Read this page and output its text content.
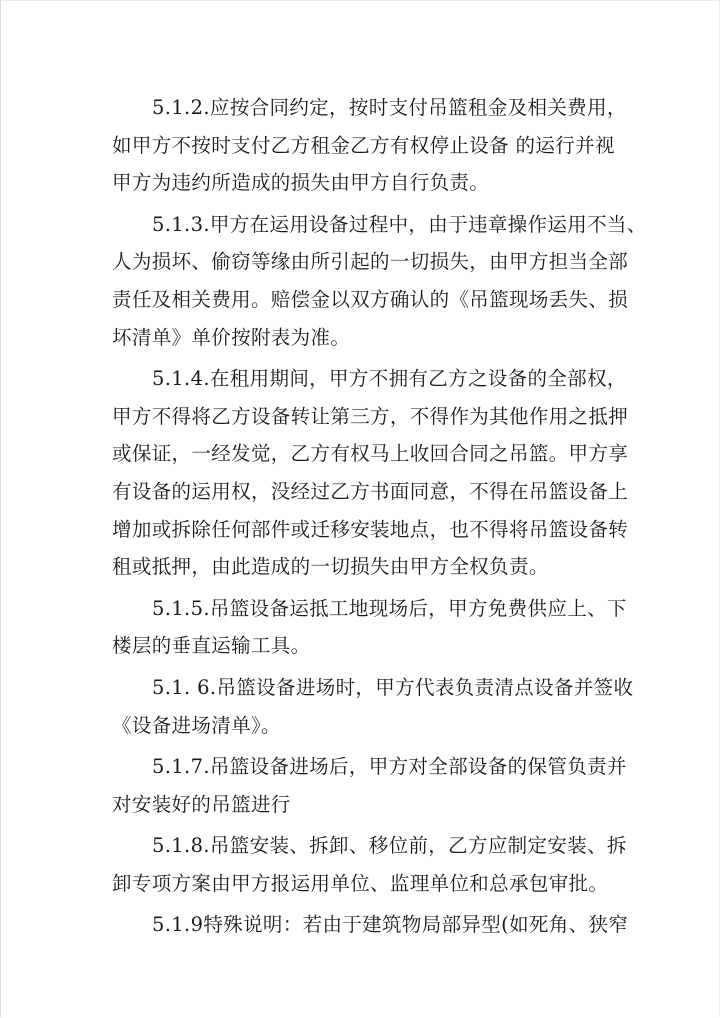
5.1.2.应按合同约定，按时支付吊篮租金及相关费用，
如甲方不按时支付乙方租金乙方有权停止设备 的运行并视
甲方为违约所造成的损失由甲方自行负责。

5.1.3.甲方在运用设备过程中，由于违章操作运用不当、
人为损坏、偷窃等缘由所引起的一切损失，由甲方担当全部
责任及相关费用。赔偿金以双方确认的《吊篮现场丢失、损
坏清单》单价按附表为准。

5.1.4.在租用期间，甲方不拥有乙方之设备的全部权，
甲方不得将乙方设备转让第三方，不得作为其他作用之抵押
或保证，一经发觉，乙方有权马上收回合同之吊篮。甲方享
有设备的运用权，没经过乙方书面同意，不得在吊篮设备上
增加或拆除任何部件或迁移安装地点，也不得将吊篮设备转
租或抵押，由此造成的一切损失由甲方全权负责。

5.1.5.吊篮设备运抵工地现场后，甲方免费供应上、下
楼层的垂直运输工具。

5.1. 6.吊篮设备进场时，甲方代表负责清点设备并签收
《设备进场清单》。

5.1.7.吊篮设备进场后，甲方对全部设备的保管负责并
对安装好的吊篮进行

5.1.8.吊篮安装、拆卸、移位前，乙方应制定安装、拆
卸专项方案由甲方报运用单位、监理单位和总承包审批。

5.1.9特殊说明：若由于建筑物局部异型(如死角、狭窄
